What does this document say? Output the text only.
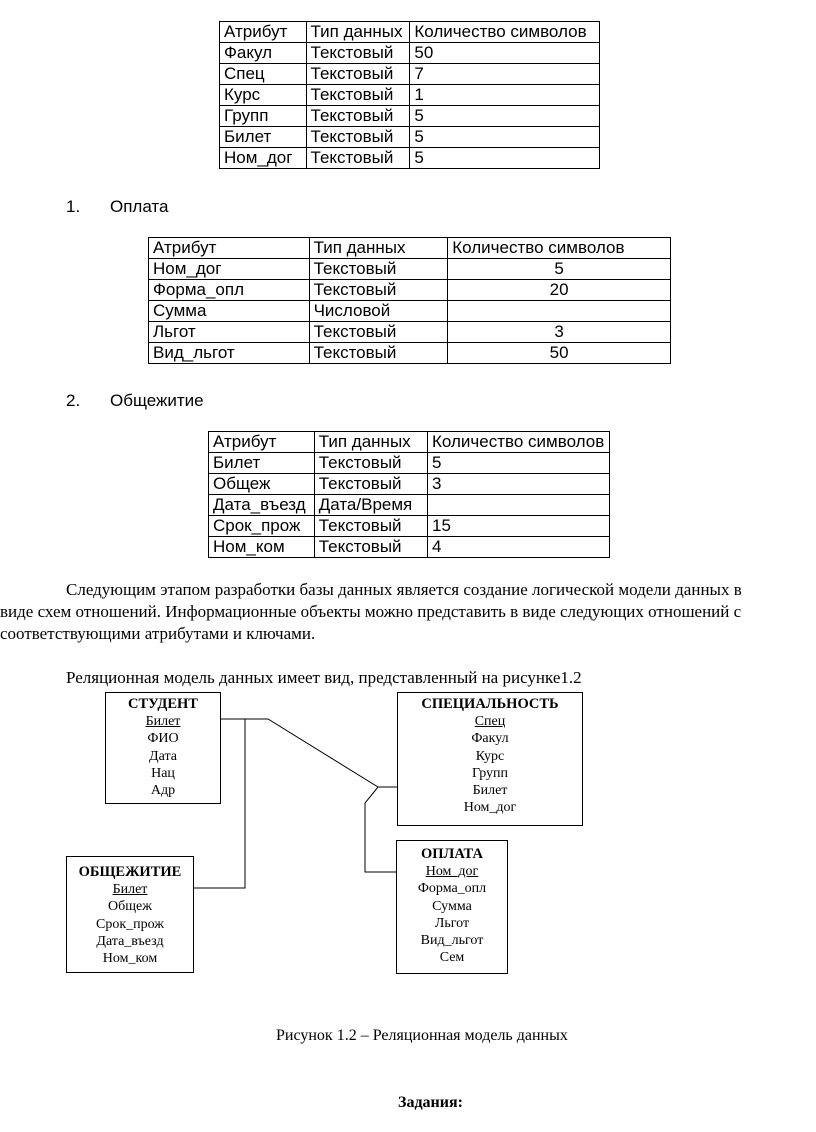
Атрибут	Тип данных	Количество символов
Факул	Текстовый	50
Спец	Текстовый	7
Курс	Текстовый	1
Групп	Текстовый	5
Билет	Текстовый	5
Ном_дог	Текстовый	5
1. Оплата
Атрибут	Тип данных	Количество символов
Ном_дог	Текстовый	5
Форма_опл	Текстовый	20
Сумма	Числовой	
Льгот	Текстовый	3
Вид_льгот	Текстовый	50
2. Общежитие
Атрибут	Тип данных	Количество символов
Билет	Текстовый	5
Общеж	Текстовый	3
Дата_въезд	Дата/Время	
Срок_прож	Текстовый	15
Ном_ком	Текстовый	4
Следующим этапом разработки базы данных является создание логической модели данных в
виде схем отношений. Информационные объекты можно представить в виде следующих отношений с
соответствующими атрибутами и ключами.
Реляционная модель данных имеет вид, представленный на рисунке1.2
СТУДЕНТ
Билет
ФИО
Дата
Нац
Адр
СПЕЦИАЛЬНОСТЬ
Спец
Факул
Курс
Групп
Билет
Ном_дог
ОБЩЕЖИТИЕ
Билет
Общеж
Срок_прож
Дата_въезд
Ном_ком
ОПЛАТА
Ном_дог
Форма_опл
Сумма
Льгот
Вид_льгот
Сем
Рисунок 1.2 – Реляционная модель данных
Задания:
